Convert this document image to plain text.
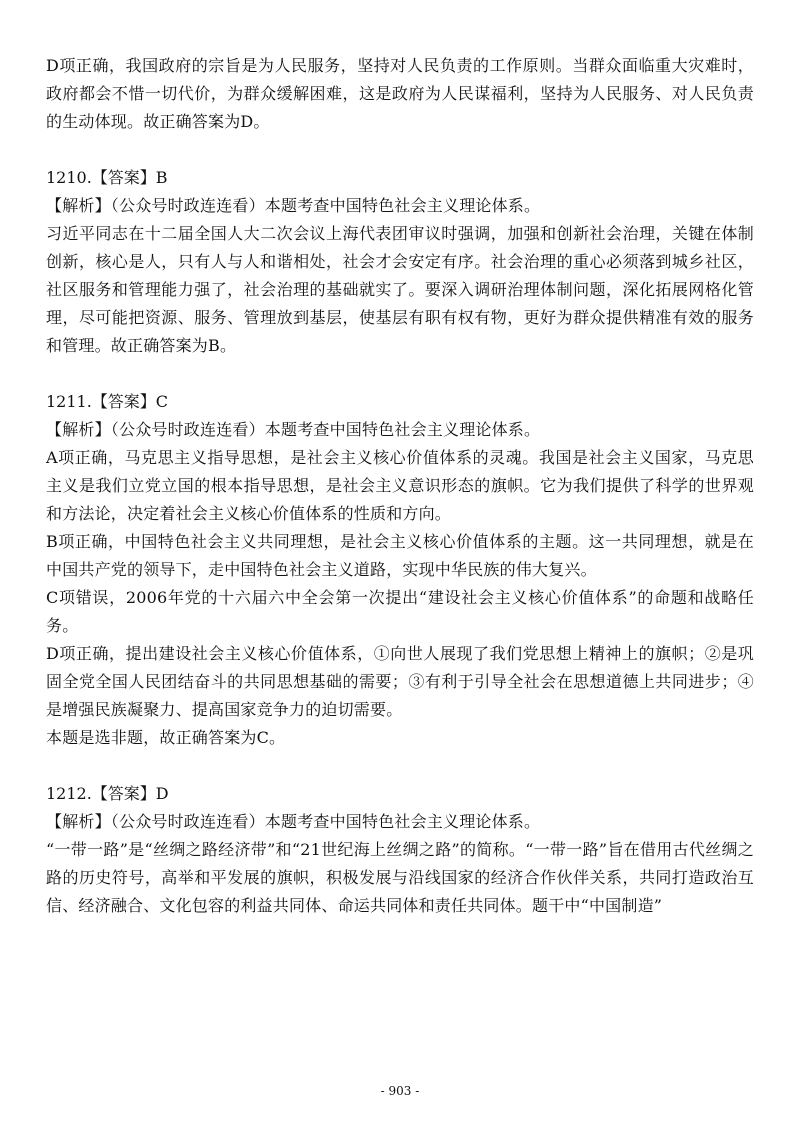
D项正确，我国政府的宗旨是为人民服务，坚持对人民负责的工作原则。当群众面临重大灾难时，政府都会不惜一切代价，为群众缓解困难，这是政府为人民谋福利，坚持为人民服务、对人民负责的生动体现。故正确答案为D。

1210.【答案】B

【解析】（公众号时政连连看）本题考查中国特色社会主义理论体系。

习近平同志在十二届全国人大二次会议上海代表团审议时强调，加强和创新社会治理，关键在体制创新，核心是人，只有人与人和谐相处，社会才会安定有序。社会治理的重心必须落到城乡社区，社区服务和管理能力强了，社会治理的基础就实了。要深入调研治理体制问题，深化拓展网格化管理，尽可能把资源、服务、管理放到基层，使基层有职有权有物，更好为群众提供精准有效的服务和管理。故正确答案为B。

1211.【答案】C

【解析】（公众号时政连连看）本题考查中国特色社会主义理论体系。

A项正确，马克思主义指导思想，是社会主义核心价值体系的灵魂。我国是社会主义国家，马克思主义是我们立党立国的根本指导思想，是社会主义意识形态的旗帜。它为我们提供了科学的世界观和方法论，决定着社会主义核心价值体系的性质和方向。

B项正确，中国特色社会主义共同理想，是社会主义核心价值体系的主题。这一共同理想，就是在中国共产党的领导下，走中国特色社会主义道路，实现中华民族的伟大复兴。

C项错误，2006年党的十六届六中全会第一次提出“建设社会主义核心价值体系”的命题和战略任务。

D项正确，提出建设社会主义核心价值体系，①向世人展现了我们党思想上精神上的旗帜；②是巩固全党全国人民团结奋斗的共同思想基础的需要；③有利于引导全社会在思想道德上共同进步；④是增强民族凝聚力、提高国家竞争力的迫切需要。

本题是选非题，故正确答案为C。

1212.【答案】D

【解析】（公众号时政连连看）本题考查中国特色社会主义理论体系。

“一带一路”是“丝绸之路经济带”和“21世纪海上丝绸之路”的简称。“一带一路”旨在借用古代丝绸之路的历史符号，高举和平发展的旗帜，积极发展与沿线国家的经济合作伙伴关系，共同打造政治互信、经济融合、文化包容的利益共同体、命运共同体和责任共同体。题干中“中国制造”

- 903 -
